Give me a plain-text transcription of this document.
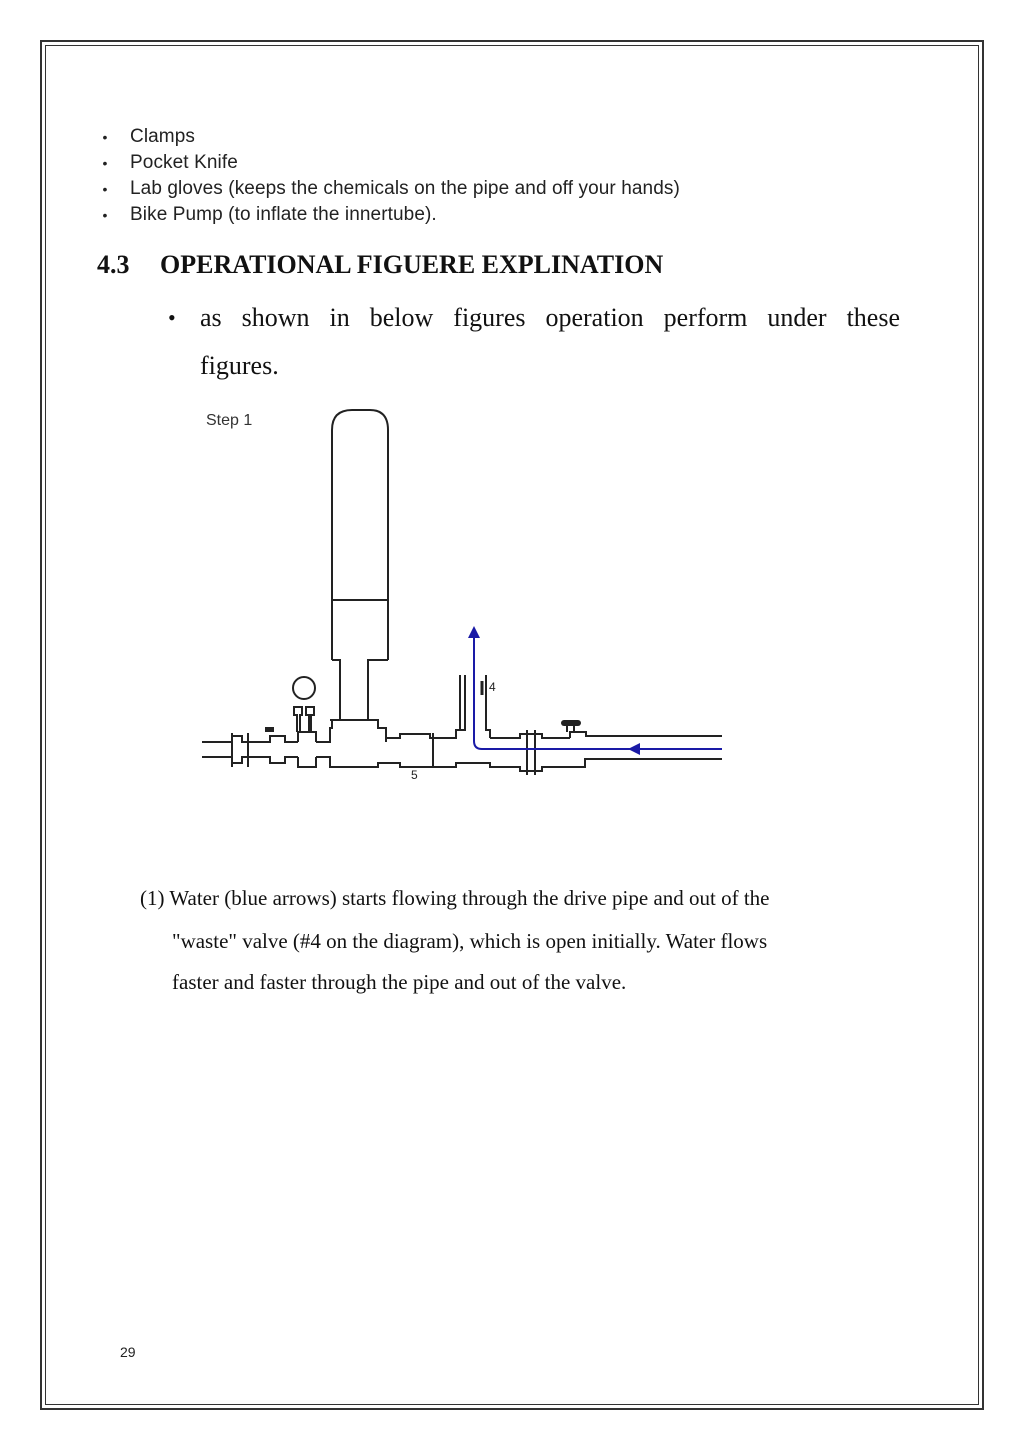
• Clamps
• Pocket Knife
• Lab gloves (keeps the chemicals on the pipe and off your hands)
• Bike Pump (to inflate the innertube).
4.3 OPERATIONAL FIGUERE EXPLINATION
• as shown in below figures operation perform under these
figures.
Step 1
4
5
(1) Water (blue arrows) starts flowing through the drive pipe and out of the
"waste" valve (#4 on the diagram), which is open initially. Water flows
faster and faster through the pipe and out of the valve.
29
